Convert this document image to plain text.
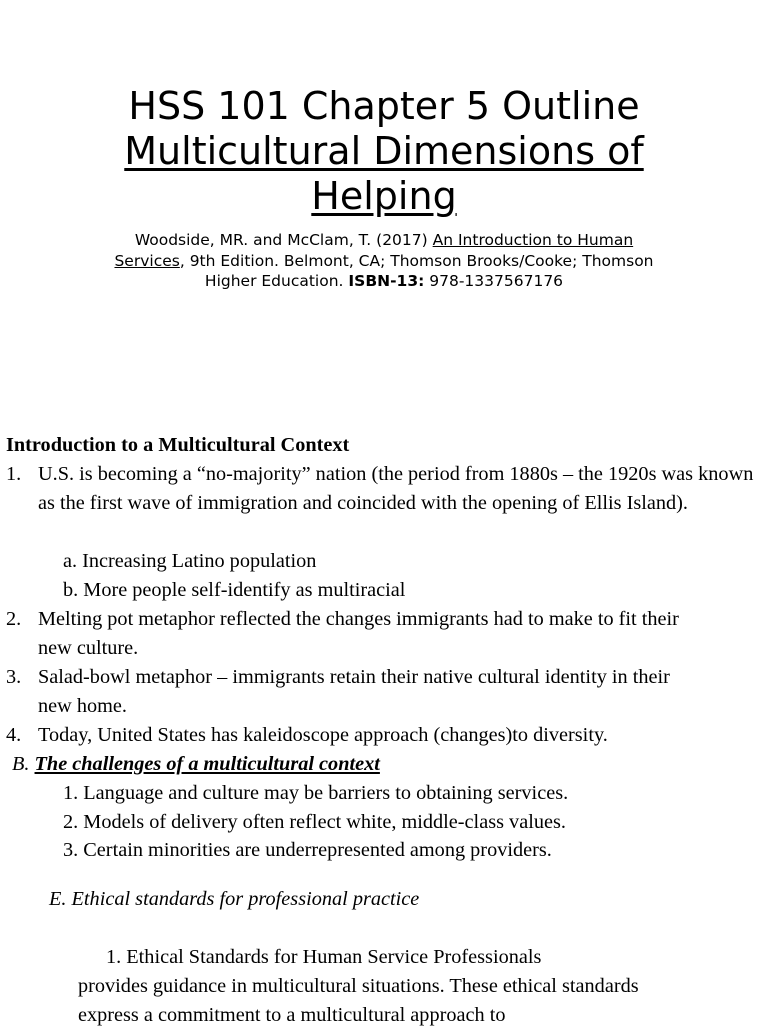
HSS 101 Chapter 5 Outline
Multicultural Dimensions of
Helping
Woodside, MR. and McClam, T. (2017) An Introduction to Human Services, 9th Edition. Belmont, CA; Thomson Brooks/Cooke; Thomson Higher Education. ISBN-13: 978-1337567176
Introduction to a Multicultural Context
1. U.S. is becoming a “no-majority” nation (the period from 1880s – the 1920s was known as the first wave of immigration and coincided with the opening of Ellis Island).
a. Increasing Latino population
b. More people self-identify as multiracial
2. Melting pot metaphor reflected the changes immigrants had to make to fit their new culture.
3. Salad-bowl metaphor – immigrants retain their native cultural identity in their new home.
4. Today, United States has kaleidoscope approach (changes)to diversity.
B. The challenges of a multicultural context
1. Language and culture may be barriers to obtaining services.
2. Models of delivery often reflect white, middle-class values.
3. Certain minorities are underrepresented among providers.
E. Ethical standards for professional practice
1. Ethical Standards for Human Service Professionals
provides guidance in multicultural situations. These ethical standards express a commitment to a multicultural approach to
